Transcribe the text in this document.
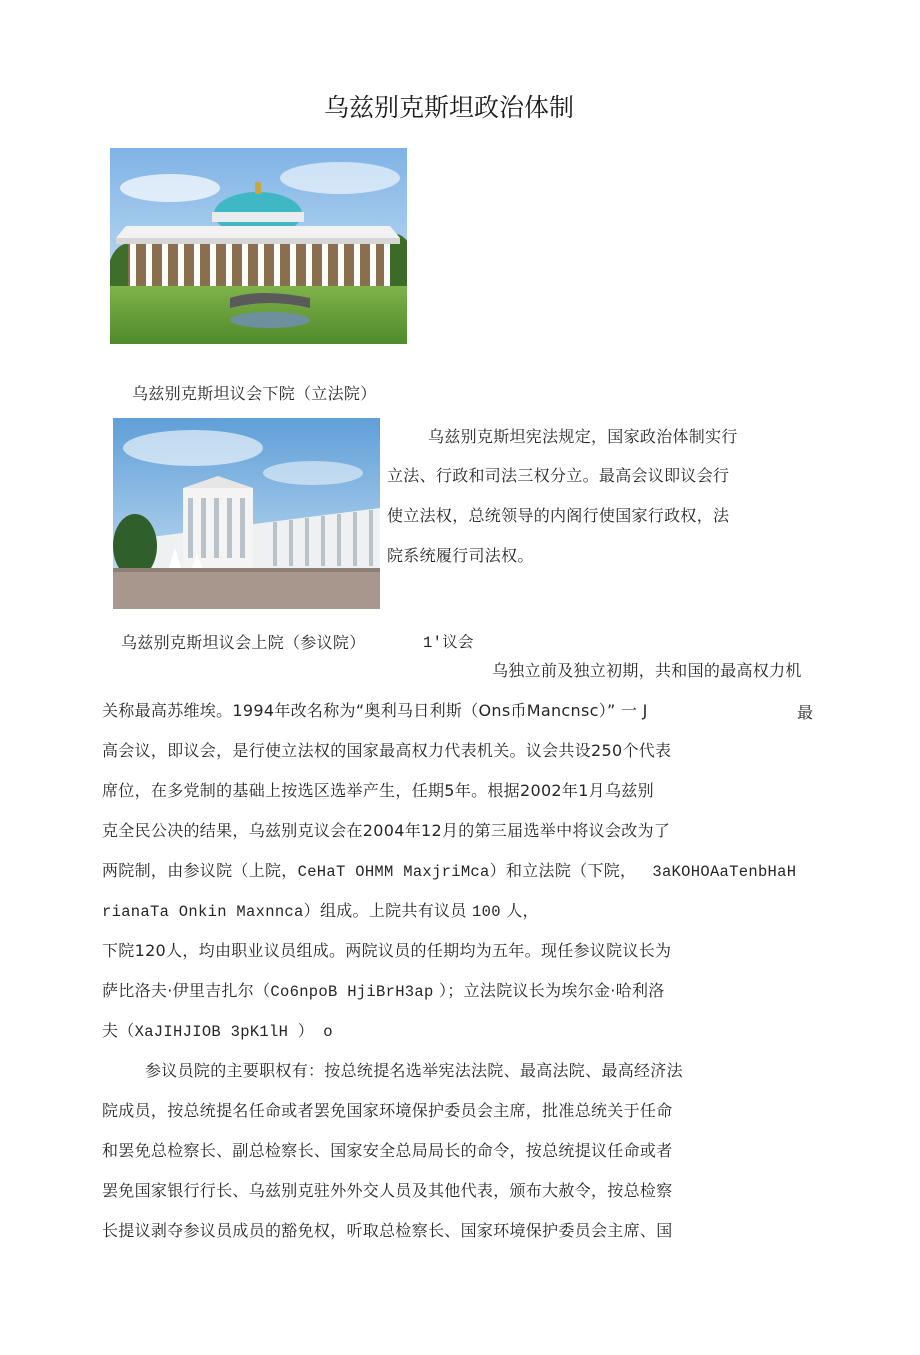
乌兹别克斯坦政治体制
乌兹别克斯坦议会下院（立法院）
乌兹别克斯坦宪法规定，国家政治体制实行
立法、行政和司法三权分立。最高会议即议会行
使立法权，总统领导的内阁行使国家行政权，法
院系统履行司法权。
乌兹别克斯坦议会上院（参议院）	1'议会
乌独立前及独立初期，共和国的最高权力机
关称最高苏维埃。1994年改名称为“奥利马日利斯（Ons币Mancnsc）” 一 J	最
高会议，即议会，是行使立法权的国家最高权力代表机关。议会共设250个代表
席位，在多党制的基础上按选区选举产生，任期5年。根据2002年1月乌兹别
克全民公决的结果，乌兹别克议会在2004年12月的第三届选举中将议会改为了
两院制，由参议院（上院，CeHaT OHMM MaxjriMca）和立法院（下院， 3aKOHOAaTenbHaH
rianaTa Onkin Maxnnca）组成。上院共有议员 100 人，
下院120人，均由职业议员组成。两院议员的任期均为五年。现任参议院议长为
萨比洛夫·伊里吉扎尔（Co6npoB HjiBrH3ap ）；立法院议长为埃尔金·哈利洛
夫（XaJIHJIOB 3pK1lH ） o
参议员院的主要职权有：按总统提名选举宪法法院、最高法院、最高经济法
院成员，按总统提名任命或者罢免国家环境保护委员会主席，批准总统关于任命
和罢免总检察长、副总检察长、国家安全总局局长的命令，按总统提议任命或者
罢免国家银行行长、乌兹别克驻外外交人员及其他代表，颁布大赦令，按总检察
长提议剥夺参议员成员的豁免权，听取总检察长、国家环境保护委员会主席、国
